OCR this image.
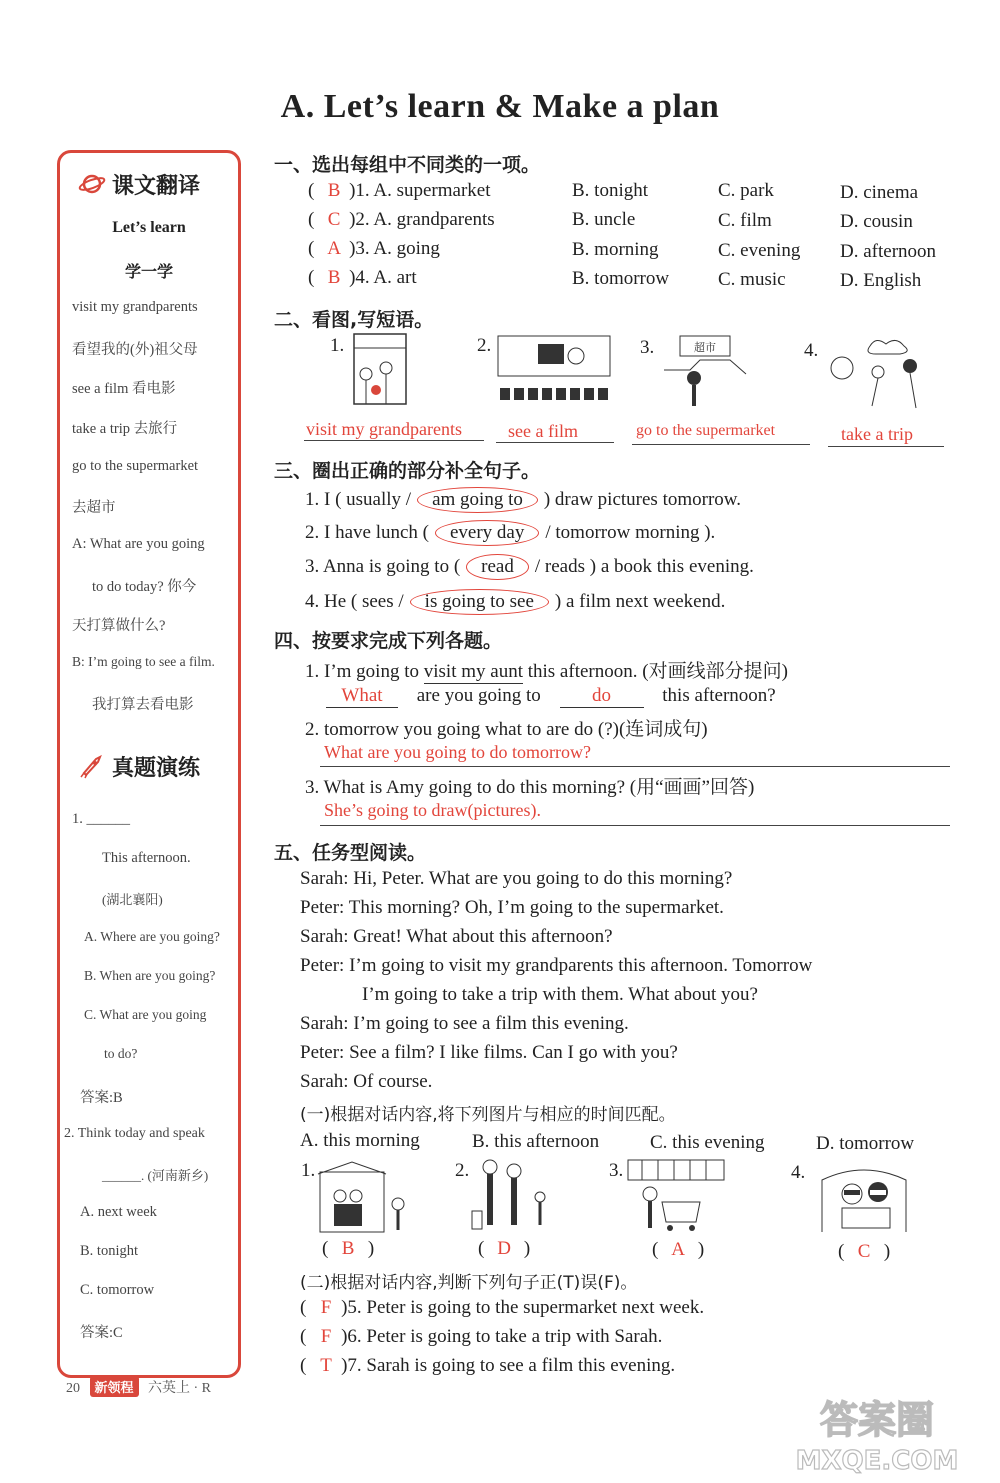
A. Let’s learn & Make a plan
课文翻译
Let’s learn
学一学
visit my grandparents
看望我的(外)祖父母
see a film 看电影
take a trip 去旅行
go to the supermarket
去超市
A: What are you going
to do today? 你今
天打算做什么?
B: I’m going to see a film.
我打算去看电影
真题演练
1. ______
This afternoon.
(湖北襄阳)
A. Where are you going?
B. When are you going?
C. What are you going
to do?
答案:B
2. Think today and speak
______. (河南新乡)
A. next week
B. tonight
C. tomorrow
答案:C
一、选出每组中不同类的一项。
( B )1. A. supermarket	B. tonight	C. park	D. cinema
( C )2. A. grandparents	B. uncle	C. film	D. cousin
( A )3. A. going	B. morning	C. evening D. afternoon
( B )4. A. art	B. tomorrow	C. music	D. English
二、看图,写短语。
1.	2.	3.	4.
超市
visit my grandparents	see a film	go to the supermarket	take a trip
三、圈出正确的部分补全句子。
1. I ( usually / am going to ) draw pictures tomorrow.
2. I have lunch ( every day / tomorrow morning ).
3. Anna is going to ( read / reads ) a book this evening.
4. He ( sees / is going to see ) a film next weekend.
四、按要求完成下列各题。
1. I’m going to visit my aunt this afternoon. (对画线部分提问)
What are you going to	do	this afternoon?
2. tomorrow you going what to are do (?)(连词成句)
What are you going to do tomorrow?
3. What is Amy going to do this morning? (用“画画”回答)
She’s going to draw(pictures).
五、任务型阅读。
Sarah: Hi, Peter. What are you going to do this morning?
Peter: This morning? Oh, I’m going to the supermarket.
Sarah: Great! What about this afternoon?
Peter: I’m going to visit my grandparents this afternoon. Tomorrow
I’m going to take a trip with them. What about you?
Sarah: I’m going to see a film this evening.
Peter: See a film? I like films. Can I go with you?
Sarah: Of course.
(一)根据对话内容,将下列图片与相应的时间匹配。
A. this morning	B. this afternoon	C. this evening	D. tomorrow
1.	2.	3.	4.
( B )	( D )	( A )	( C )
(二)根据对话内容,判断下列句子正(T)误(F)。
( F )5. Peter is going to the supermarket next week.
( F )6. Peter is going to take a trip with Sarah.
( T )7. Sarah is going to see a film this evening.
20 新领程 六英上 · R
答案圈
MXQE.COM
